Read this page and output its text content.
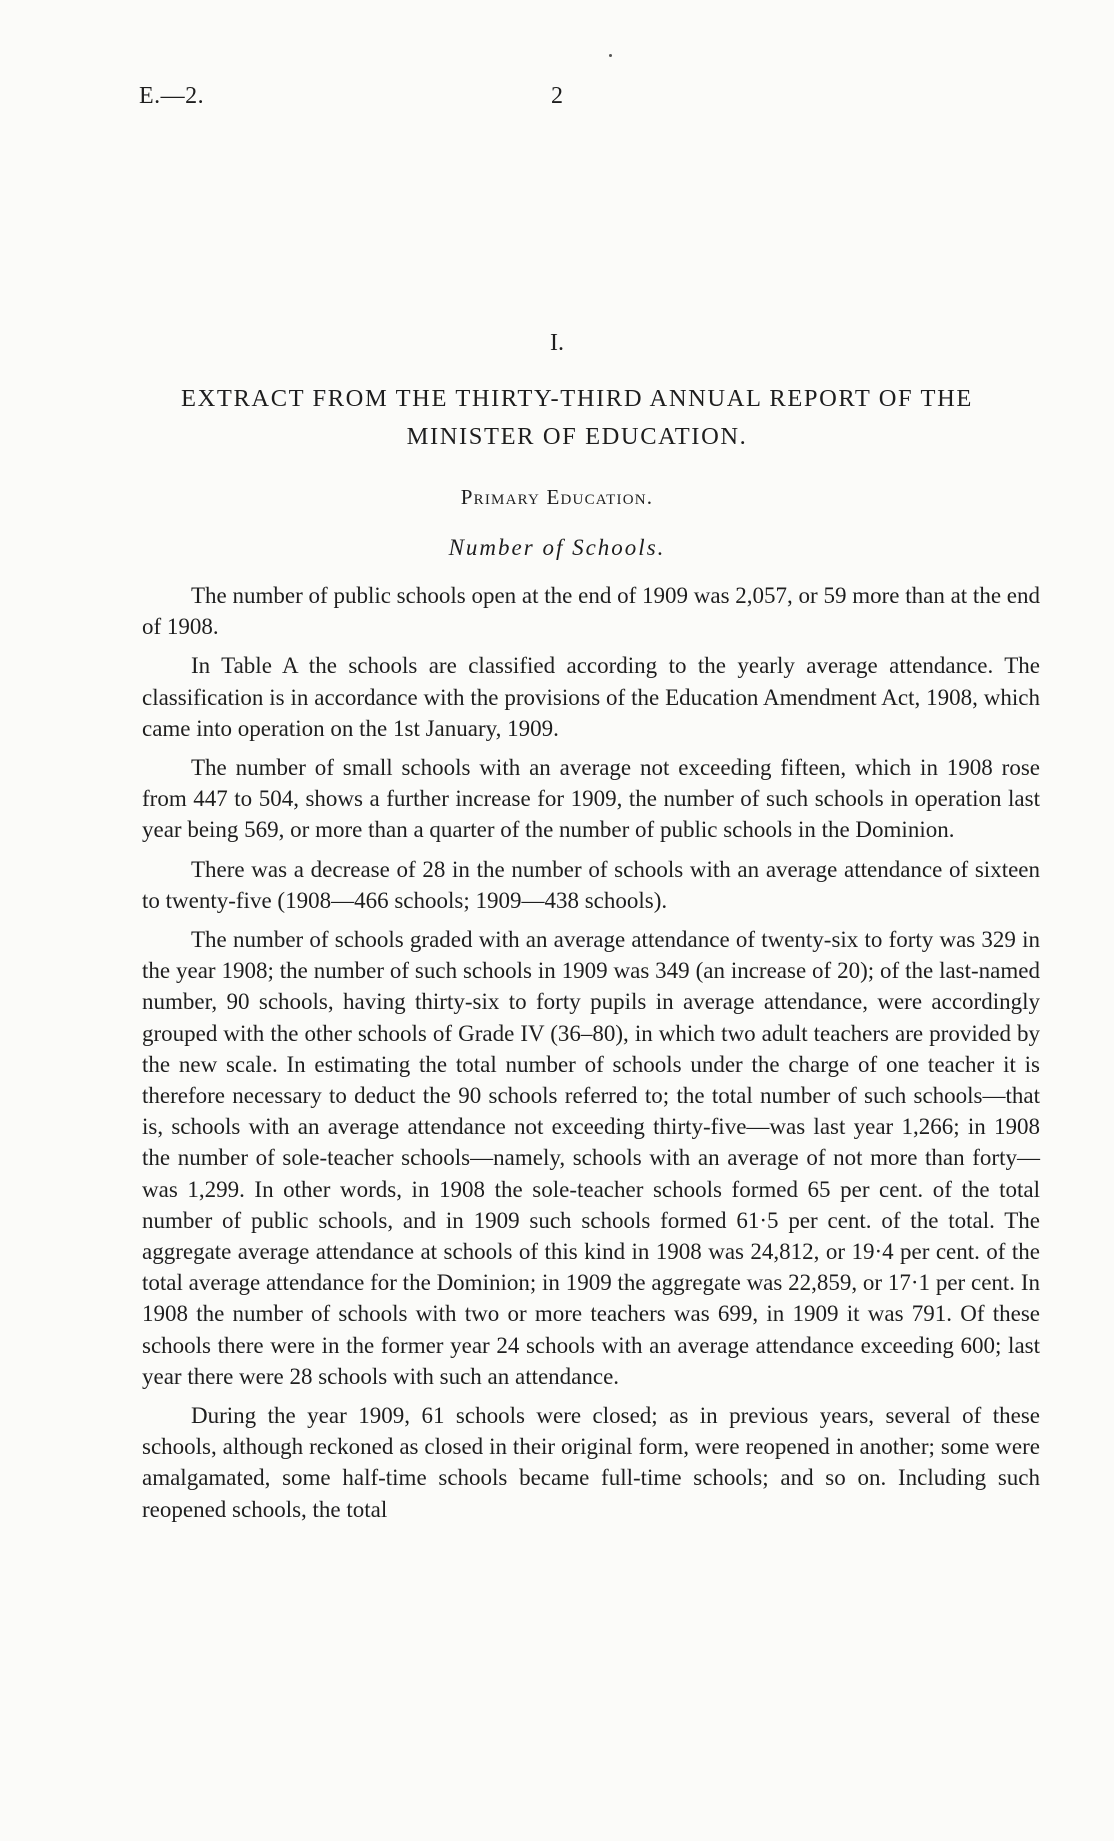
E.—2.	2
I.
EXTRACT FROM THE THIRTY-THIRD ANNUAL REPORT OF THE
MINISTER OF EDUCATION.
Primary Education.
Number of Schools.

The number of public schools open at the end of 1909 was 2,057, or 59 more than at the end of 1908.

In Table A the schools are classified according to the yearly average attendance. The classification is in accordance with the provisions of the Education Amendment Act, 1908, which came into operation on the 1st January, 1909.

The number of small schools with an average not exceeding fifteen, which in 1908 rose from 447 to 504, shows a further increase for 1909, the number of such schools in operation last year being 569, or more than a quarter of the number of public schools in the Dominion.

There was a decrease of 28 in the number of schools with an average attendance of sixteen to twenty-five (1908—466 schools; 1909—438 schools).

The number of schools graded with an average attendance of twenty-six to forty was 329 in the year 1908; the number of such schools in 1909 was 349 (an increase of 20); of the last-named number, 90 schools, having thirty-six to forty pupils in average attendance, were accordingly grouped with the other schools of Grade IV (36–80), in which two adult teachers are provided by the new scale. In estimating the total number of schools under the charge of one teacher it is therefore necessary to deduct the 90 schools referred to; the total number of such schools—that is, schools with an average attendance not exceeding thirty-five—was last year 1,266; in 1908 the number of sole-teacher schools—namely, schools with an average of not more than forty—was 1,299. In other words, in 1908 the sole-teacher schools formed 65 per cent. of the total number of public schools, and in 1909 such schools formed 61·5 per cent. of the total. The aggregate average attendance at schools of this kind in 1908 was 24,812, or 19·4 per cent. of the total average attendance for the Dominion; in 1909 the aggregate was 22,859, or 17·1 per cent. In 1908 the number of schools with two or more teachers was 699, in 1909 it was 791. Of these schools there were in the former year 24 schools with an average attendance exceeding 600; last year there were 28 schools with such an attendance.

During the year 1909, 61 schools were closed; as in previous years, several of these schools, although reckoned as closed in their original form, were reopened in another; some were amalgamated, some half-time schools became full-time schools; and so on. Including such reopened schools, the total
